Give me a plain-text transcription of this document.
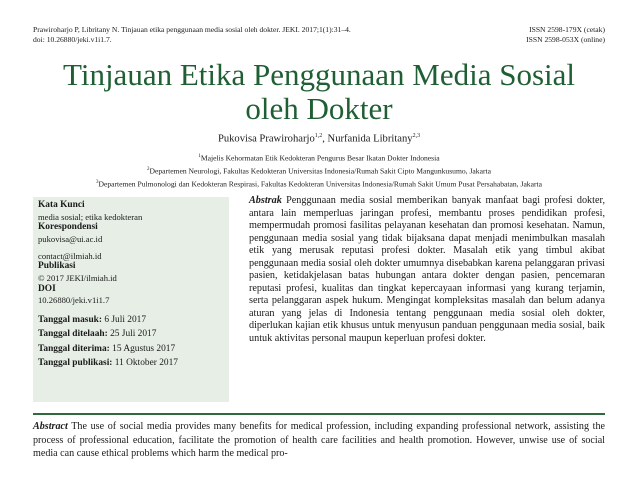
Prawiroharjo P, Libritany N. Tinjauan etika penggunaan media sosial oleh dokter. JEKI. 2017;1(1):31–4.
doi: 10.26880/jeki.v1i1.7.
ISSN 2598-179X (cetak)
ISSN 2598-053X (online)
Tinjauan Etika Penggunaan Media Sosial
oleh Dokter
Pukovisa Prawiroharjo$^{1,2}$, Nurfanida Libritany$^{2,3}$
$^1$Majelis Kehormatan Etik Kedokteran Pengurus Besar Ikatan Dokter Indonesia
$^2$Departemen Neurologi, Fakultas Kedokteran Universitas Indonesia/Rumah Sakit Cipto Mangunkusumo, Jakarta
$^3$Departemen Pulmonologi dan Kedokteran Respirasi, Fakultas Kedokteran Universitas Indonesia/Rumah Sakit Umum Pusat Persahabatan, Jakarta
Kata Kunci
media sosial; etika kedokteran
Korespondensi
pukovisa@ui.ac.id
contact@ilmiah.id
Publikasi
© 2017 JEKI/ilmiah.id
DOI
10.26880/jeki.v1i1.7
Tanggal masuk: 6 Juli 2017
Tanggal ditelaah: 25 Juli 2017
Tanggal diterima: 15 Agustus 2017
Tanggal publikasi: 11 Oktober 2017
Abstrak Penggunaan media sosial memberikan banyak manfaat bagi profesi dokter, antara lain memperluas jaringan profesi, membantu proses pendidikan profesi, mempermudah promosi fasilitas pelayanan kesehatan dan promosi kesehatan. Namun, penggunaan media sosial yang tidak bijaksana dapat menjadi menimbulkan masalah etik yang merusak reputasi profesi dokter. Masalah etik yang timbul akibat penggunaan media sosial oleh dokter umumnya disebabkan karena pelanggaran privasi pasien, ketidakjelasan batas hubungan antara dokter dengan pasien, pencemaran reputasi profesi, kualitas dan tingkat kepercayaan informasi yang kurang terjamin, serta pelanggaran aspek hukum. Mengingat kompleksitas masalah dan belum adanya aturan yang jelas di Indonesia tentang penggunaan media sosial oleh dokter, diperlukan kajian etik khusus untuk menyusun panduan penggunaan media sosial, baik untuk aktivitas personal maupun keperluan profesi dokter.
Abstract The use of social media provides many benefits for medical profession, including expanding professional network, assisting the process of professional education, facilitate the promotion of health care facilities and health promotion. However, unwise use of social media can cause ethical problems which harm the medical pro-
